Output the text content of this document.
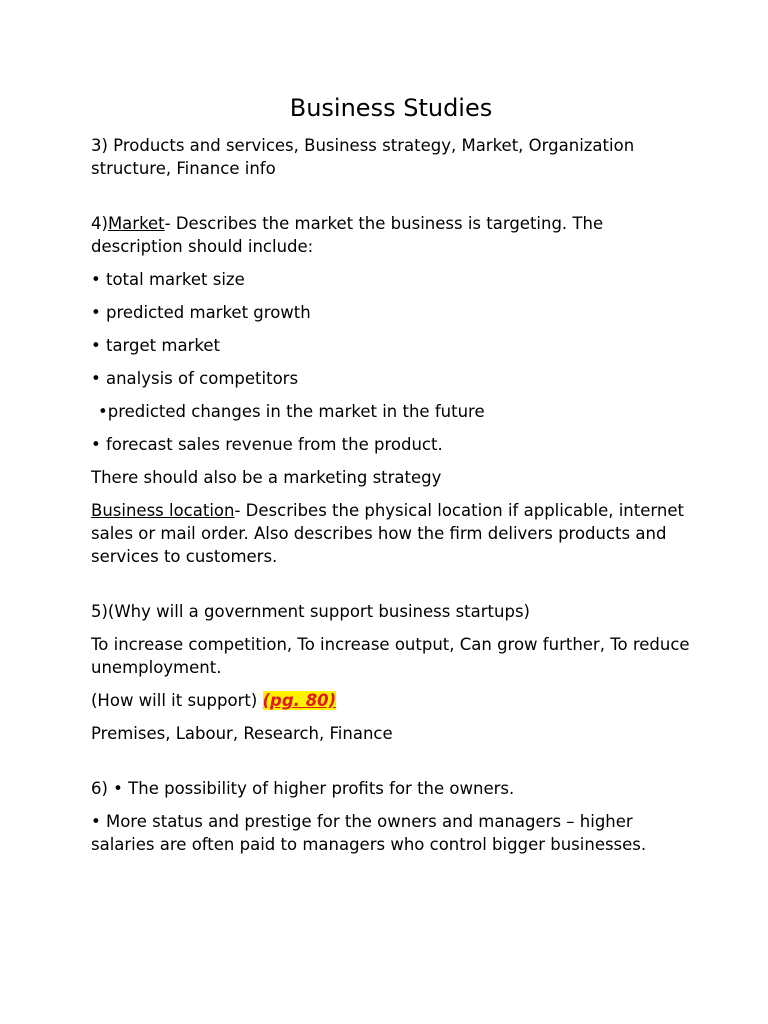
Business Studies
3) Products and services, Business strategy, Market, Organization structure, Finance info
4)Market- Describes the market the business is targeting. The description should include:
• total market size
• predicted market growth
• target market
• analysis of competitors
•predicted changes in the market in the future
• forecast sales revenue from the product.
There should also be a marketing strategy
Business location- Describes the physical location if applicable, internet sales or mail order. Also describes how the firm delivers products and services to customers.
5)(Why will a government support business startups)
To increase competition, To increase output, Can grow further, To reduce unemployment.
(How will it support) (pg. 80)
Premises, Labour, Research, Finance
6) • The possibility of higher profits for the owners.
• More status and prestige for the owners and managers – higher salaries are often paid to managers who control bigger businesses.
